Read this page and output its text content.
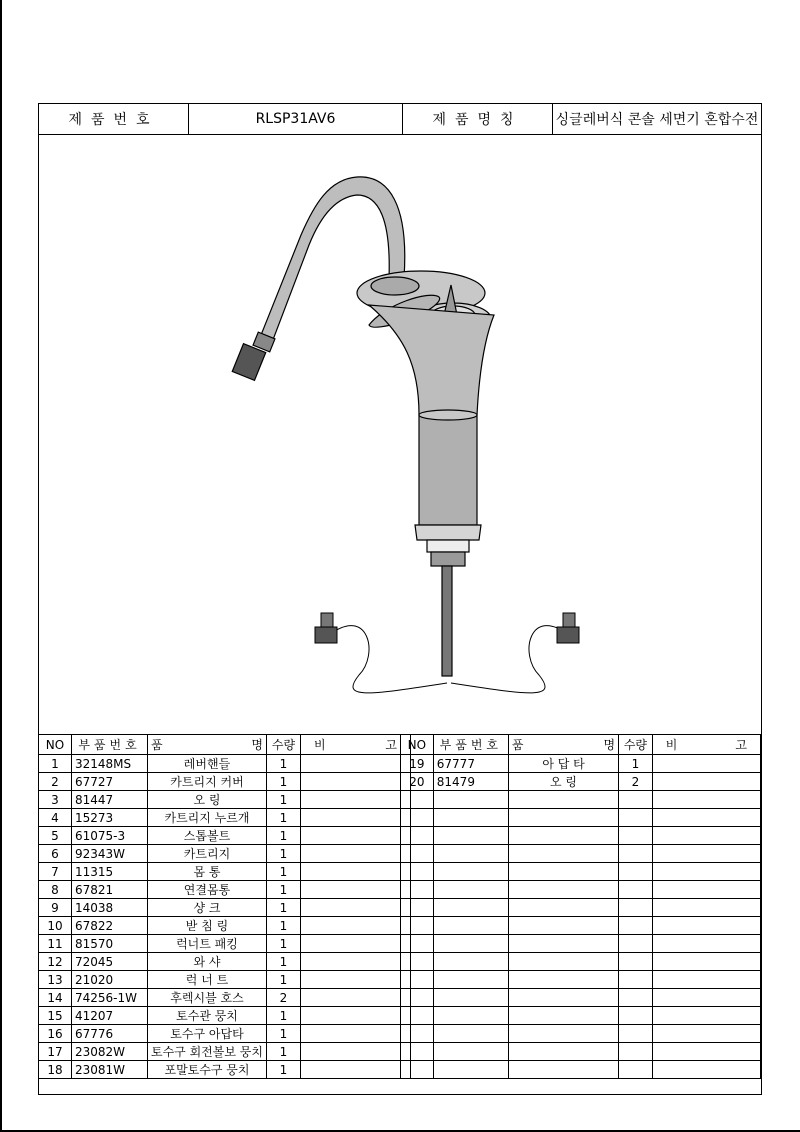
제품번호	RLSP31AV6	제품명칭	싱글레버식 콘솔 세면기 혼합수전
NO	부품번호	품 명	수량	비 고

1	32148MS	레버핸들	1	
2	67727	카트리지 커버	1	
3	81447	오 링	1	
4	15273	카트리지 누르개	1	
5	61075-3	스톱볼트	1	
6	92343W	카트리지	1	
7	11315	몸 통	1	
8	67821	연결몸통	1	
9	14038	샹 크	1	
10	67822	받 침 링	1	
11	81570	럭너트 패킹	1	
12	72045	와 샤	1	
13	21020	럭 너 트	1	
14	74256-1W	후렉시블 호스	2	
15	41207	토수관 뭉치	1	
16	67776	토수구 아답타	1	
17	23082W	토수구 회전볼보 뭉치	1	
18	23081W	포말토수구 뭉치	1	
NO	부품번호	품 명	수량	비 고

19	67777	아 답 타	1	
20	81479	오 링	2	
